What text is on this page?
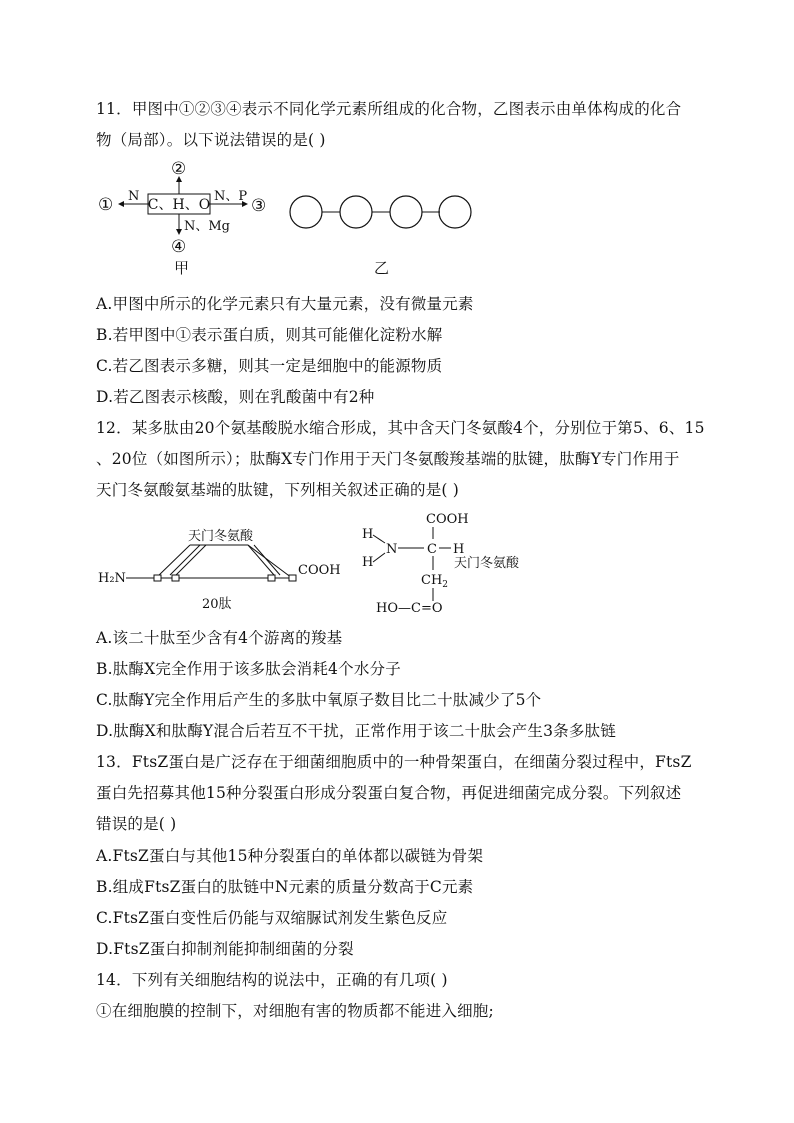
11．甲图中①②③④表示不同化学元素所组成的化合物，乙图表示由单体构成的化合
物（局部）。以下说法错误的是( )
C、H、O
N
①
②
N、P ③
N、Mg
④
甲	乙
A.甲图中所示的化学元素只有大量元素，没有微量元素
B.若甲图中①表示蛋白质，则其可能催化淀粉水解
C.若乙图表示多糖，则其一定是细胞中的能源物质
D.若乙图表示核酸，则在乳酸菌中有2种
12．某多肽由20个氨基酸脱水缩合形成，其中含天门冬氨酸4个，分别位于第5、6、15
、20位（如图所示）；肽酶X专门作用于天门冬氨酸羧基端的肽键，肽酶Y专门作用于
天门冬氨酸氨基端的肽键，下列相关叙述正确的是( )
天门冬氨酸
H₂N
COOH
20肽
COOH
H
H
N C H
$CH_2$
HO—C=O
天门冬氨酸
A.该二十肽至少含有4个游离的羧基
B.肽酶X完全作用于该多肽会消耗4个水分子
C.肽酶Y完全作用后产生的多肽中氧原子数目比二十肽减少了5个
D.肽酶X和肽酶Y混合后若互不干扰，正常作用于该二十肽会产生3条多肽链
13．FtsZ蛋白是广泛存在于细菌细胞质中的一种骨架蛋白，在细菌分裂过程中，FtsZ
蛋白先招募其他15种分裂蛋白形成分裂蛋白复合物，再促进细菌完成分裂。下列叙述
错误的是( )
A.FtsZ蛋白与其他15种分裂蛋白的单体都以碳链为骨架
B.组成FtsZ蛋白的肽链中N元素的质量分数高于C元素
C.FtsZ蛋白变性后仍能与双缩脲试剂发生紫色反应
D.FtsZ蛋白抑制剂能抑制细菌的分裂
14．下列有关细胞结构的说法中，正确的有几项( )
①在细胞膜的控制下，对细胞有害的物质都不能进入细胞;
